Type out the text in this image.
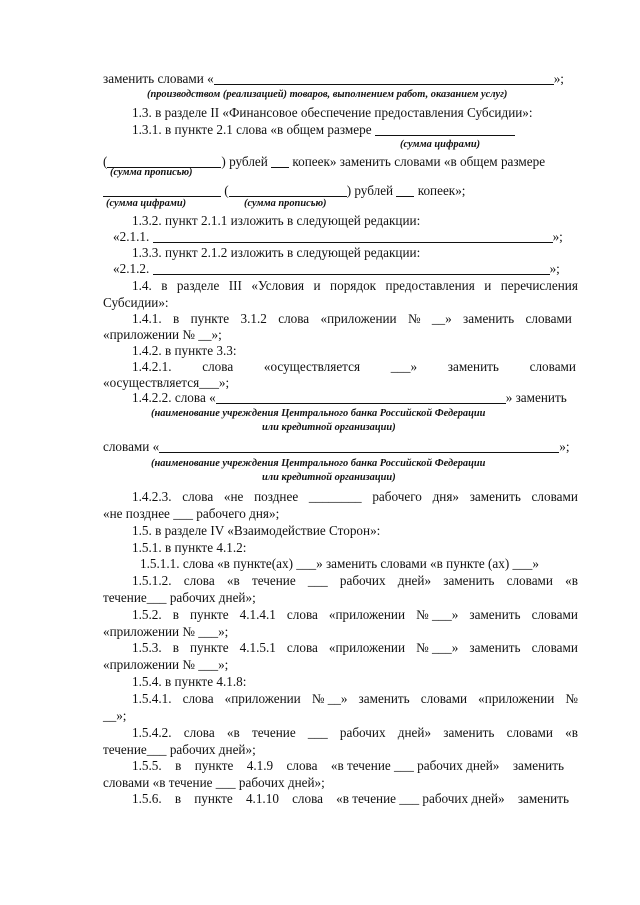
заменить словами «	»;
(производством (реализацией) товаров, выполнением работ, оказанием услуг)
1.3. в разделе II «Финансовое обеспечение предоставления Субсидии»:
1.3.1. в пункте 2.1 слова «в общем размере
(сумма цифрами)
(	) рублей копеек» заменить словами «в общем размере
(сумма прописью)
(	) рублей копеек»;
(сумма цифрами)	(сумма прописью)
1.3.2. пункт 2.1.1 изложить в следующей редакции:
«2.1.1.	»;
1.3.3. пункт 2.1.2 изложить в следующей редакции:
«2.1.2.	»;
1.4. в разделе III «Условия и порядок предоставления и перечисления
Субсидии»:
1.4.1. в пункте 3.1.2 слова «приложении № __» заменить словами
«приложении № __»;
1.4.2. в пункте 3.3:
1.4.2.1. слова «осуществляется ___» заменить словами
«осуществляется___»;
1.4.2.2. слова «	» заменить
(наименование учреждения Центрального банка Российской Федерации
или кредитной организации)
словами «	»;
(наименование учреждения Центрального банка Российской Федерации
или кредитной организации)
1.4.2.3. слова «не позднее ________ рабочего дня» заменить словами
«не позднее ___ рабочего дня»;
1.5. в разделе IV «Взаимодействие Сторон»:
1.5.1. в пункте 4.1.2:
1.5.1.1. слова «в пункте(ах) ___» заменить словами «в пункте (ах) ___»
1.5.1.2. слова «в течение ___ рабочих дней» заменить словами «в
течение___ рабочих дней»;
1.5.2. в пункте 4.1.4.1 слова «приложении № ___» заменить словами
«приложении № ___»;
1.5.3. в пункте 4.1.5.1 слова «приложении № ___» заменить словами
«приложении № ___»;
1.5.4. в пункте 4.1.8:
1.5.4.1. слова «приложении № __» заменить словами «приложении №
__»;
1.5.4.2. слова «в течение ___ рабочих дней» заменить словами «в
течение___ рабочих дней»;
1.5.5. в пункте 4.1.9 слова «в течение ___ рабочих дней» заменить
словами «в течение ___ рабочих дней»;
1.5.6. в пункте 4.1.10 слова «в течение ___ рабочих дней» заменить
